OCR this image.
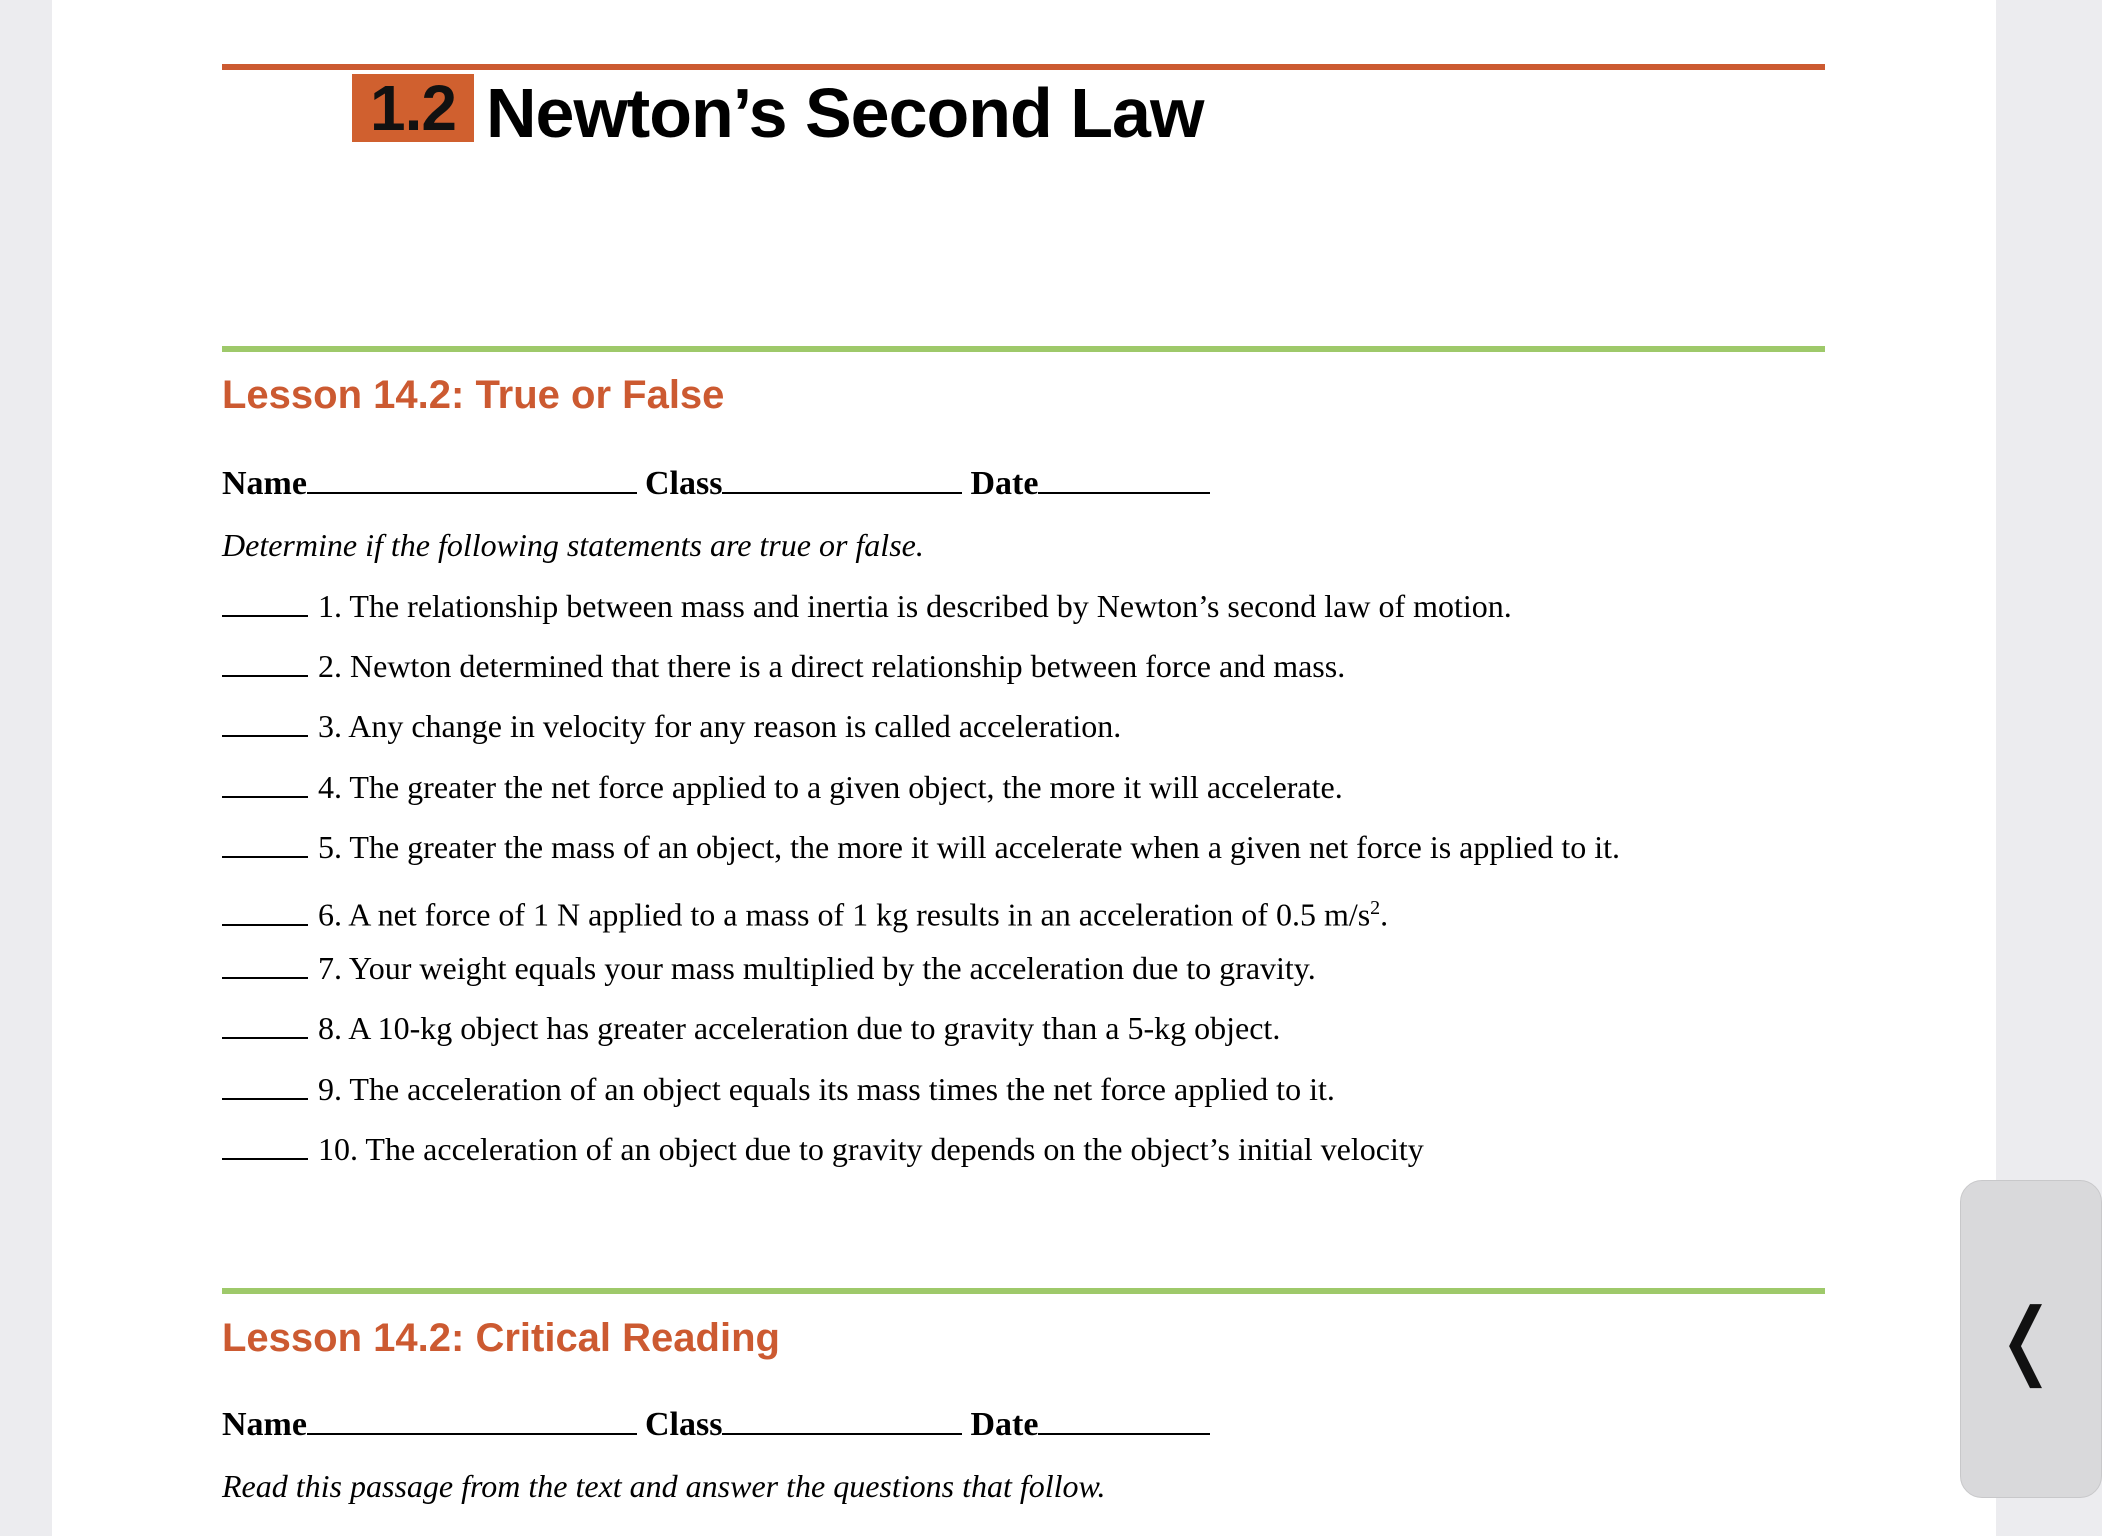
1.2 Newton’s Second Law
Lesson 14.2: True or False
Name	Class	Date
Determine if the following statements are true or false.
1. The relationship between mass and inertia is described by Newton’s second law of motion.
2. Newton determined that there is a direct relationship between force and mass.
3. Any change in velocity for any reason is called acceleration.
4. The greater the net force applied to a given object, the more it will accelerate.
5. The greater the mass of an object, the more it will accelerate when a given net force is applied to it.
6. A net force of 1 N applied to a mass of 1 kg results in an acceleration of 0.5 $m/s^2$.
7. Your weight equals your mass multiplied by the acceleration due to gravity.
8. A 10-kg object has greater acceleration due to gravity than a 5-kg object.
9. The acceleration of an object equals its mass times the net force applied to it.
10. The acceleration of an object due to gravity depends on the object’s initial velocity
Lesson 14.2: Critical Reading
Name	Class	Date
Read this passage from the text and answer the questions that follow.
❬
